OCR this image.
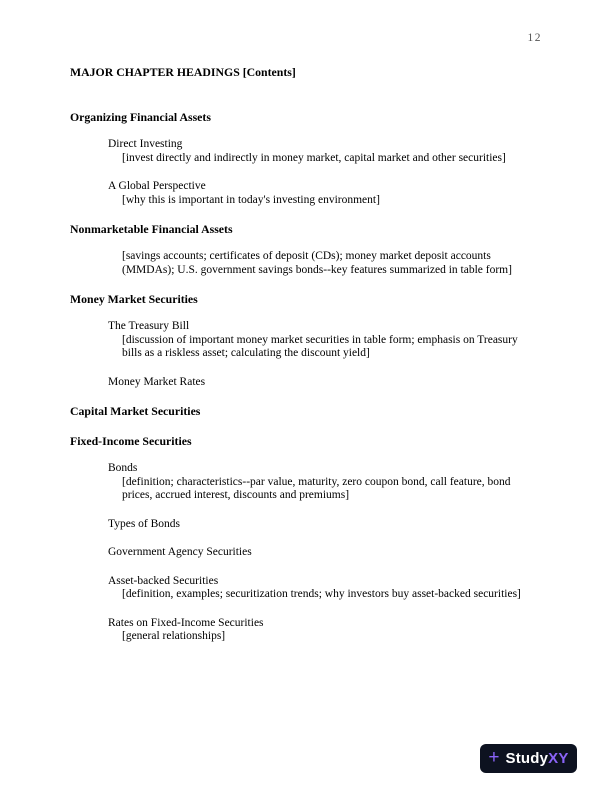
12
MAJOR CHAPTER HEADINGS [Contents]
Organizing Financial Assets
Direct Investing
[invest directly and indirectly in money market, capital market and other securities]
A Global Perspective
[why this is important in today's investing environment]
Nonmarketable Financial Assets
[savings accounts; certificates of deposit (CDs); money market deposit accounts (MMDAs); U.S. government savings bonds--key features summarized in table form]
Money Market Securities
The Treasury Bill
[discussion of important money market securities in table form; emphasis on Treasury bills as a riskless asset; calculating the discount yield]
Money Market Rates
Capital Market Securities
Fixed-Income Securities
Bonds
[definition; characteristics--par value, maturity, zero coupon bond, call feature, bond prices, accrued interest, discounts and premiums]
Types of Bonds
Government Agency Securities
Asset-backed Securities
[definition, examples; securitization trends; why investors buy asset-backed securities]
Rates on Fixed-Income Securities
[general relationships]
+ StudyXY
